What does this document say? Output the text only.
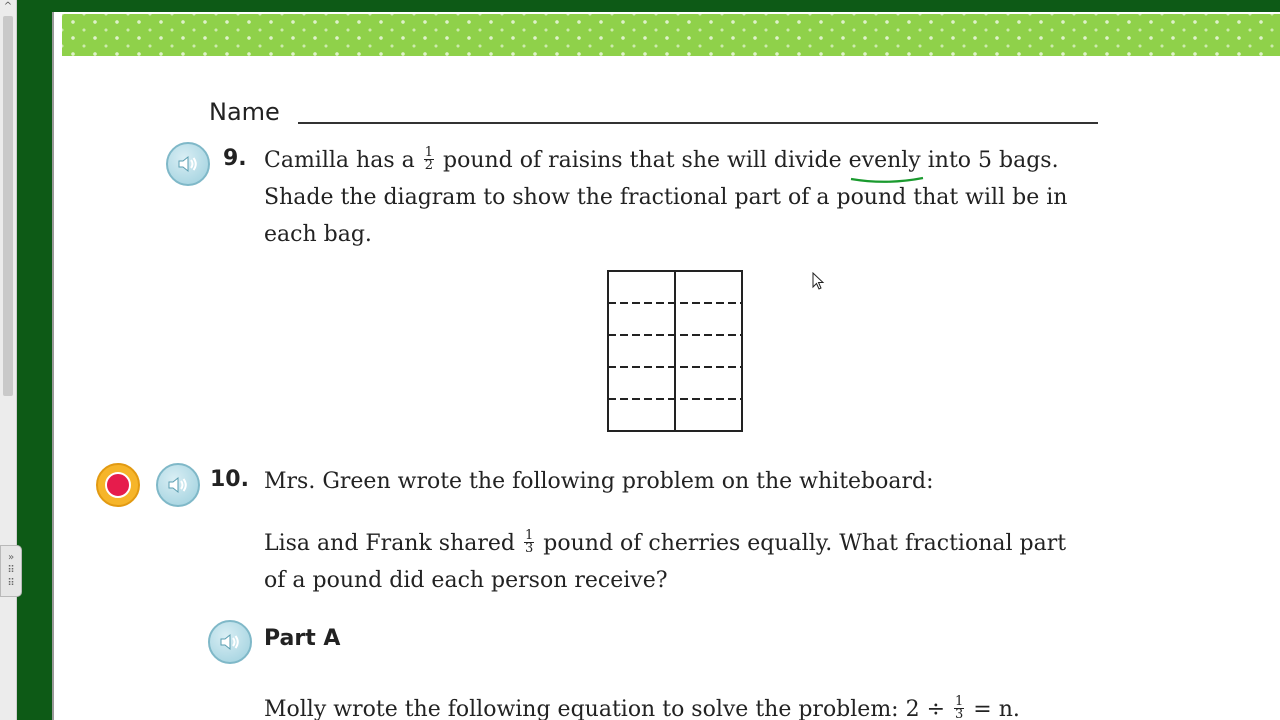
^
»
⠿
⠿
Name
9. Camilla has a $\frac{1}{2}$ pound of raisins that she will divide evenly into 5 bags.
Shade the diagram to show the fractional part of a pound that will be in
each bag.
10. Mrs. Green wrote the following problem on the whiteboard:
Lisa and Frank shared $\frac{1}{3}$ pound of cherries equally. What fractional part
of a pound did each person receive?
Part A
Molly wrote the following equation to solve the problem: $2 \div \frac{1}{3} = n$.
